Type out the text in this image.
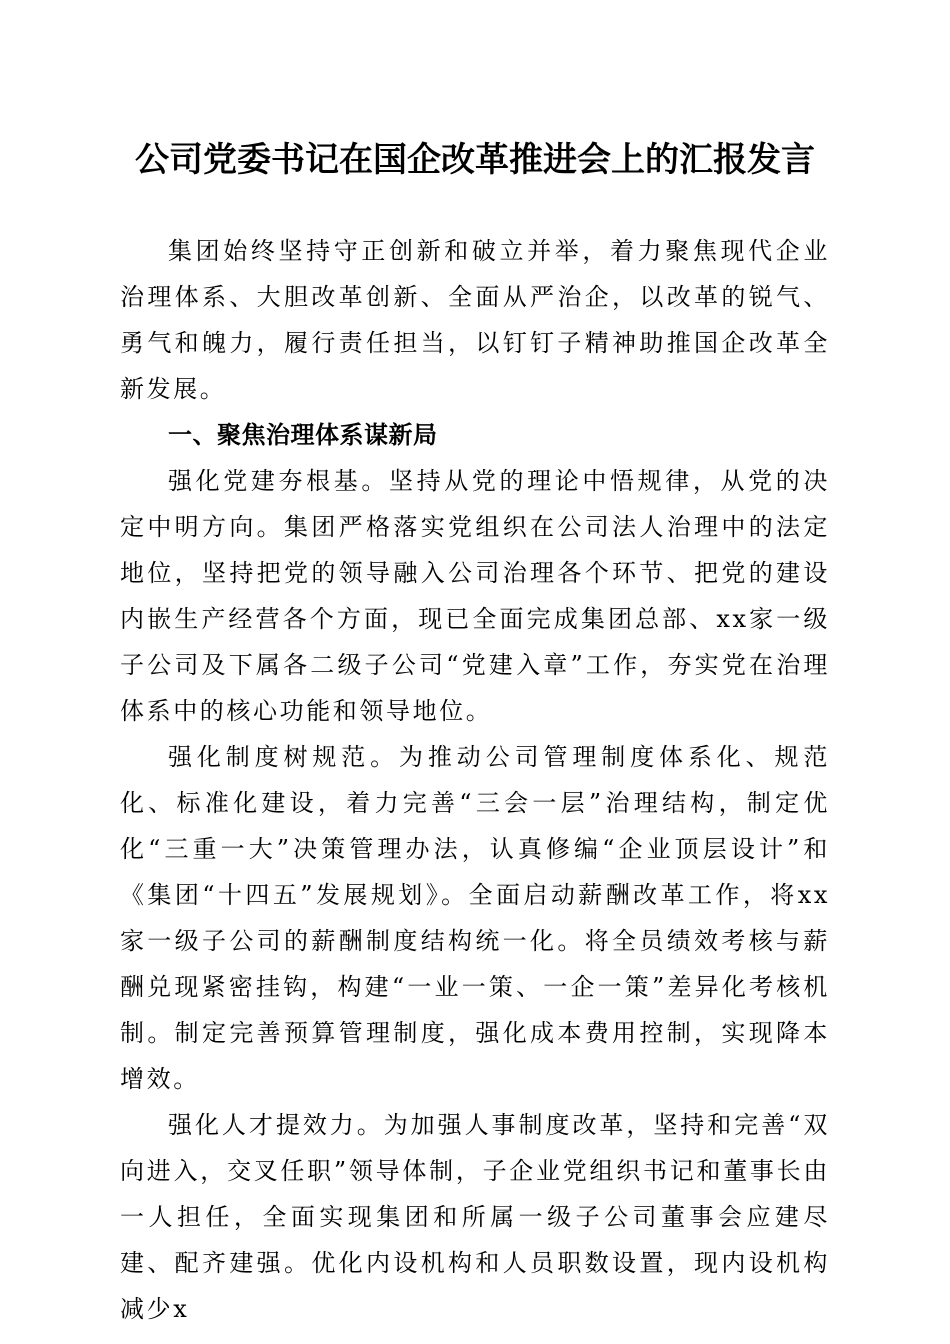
公司党委书记在国企改革推进会上的汇报发言

集团始终坚持守正创新和破立并举，着力聚焦现代企业治理体系、大胆改革创新、全面从严治企，以改革的锐气、勇气和魄力，履行责任担当，以钉钉子精神助推国企改革全新发展。

一、聚焦治理体系谋新局

强化党建夯根基。坚持从党的理论中悟规律，从党的决定中明方向。集团严格落实党组织在公司法人治理中的法定地位，坚持把党的领导融入公司治理各个环节、把党的建设内嵌生产经营各个方面，现已全面完成集团总部、xx家一级子公司及下属各二级子公司“党建入章”工作，夯实党在治理体系中的核心功能和领导地位。

强化制度树规范。为推动公司管理制度体系化、规范化、标准化建设，着力完善“三会一层”治理结构，制定优化“三重一大”决策管理办法，认真修编“企业顶层设计”和《集团“十四五”发展规划》。全面启动薪酬改革工作，将xx家一级子公司的薪酬制度结构统一化。将全员绩效考核与薪酬兑现紧密挂钩，构建“一业一策、一企一策”差异化考核机制。制定完善预算管理制度，强化成本费用控制，实现降本增效。

强化人才提效力。为加强人事制度改革，坚持和完善“双向进入，交叉任职”领导体制，子企业党组织书记和董事长由一人担任，全面实现集团和所属一级子公司董事会应建尽建、配齐建强。优化内设机构和人员职数设置，现内设机构减少x
